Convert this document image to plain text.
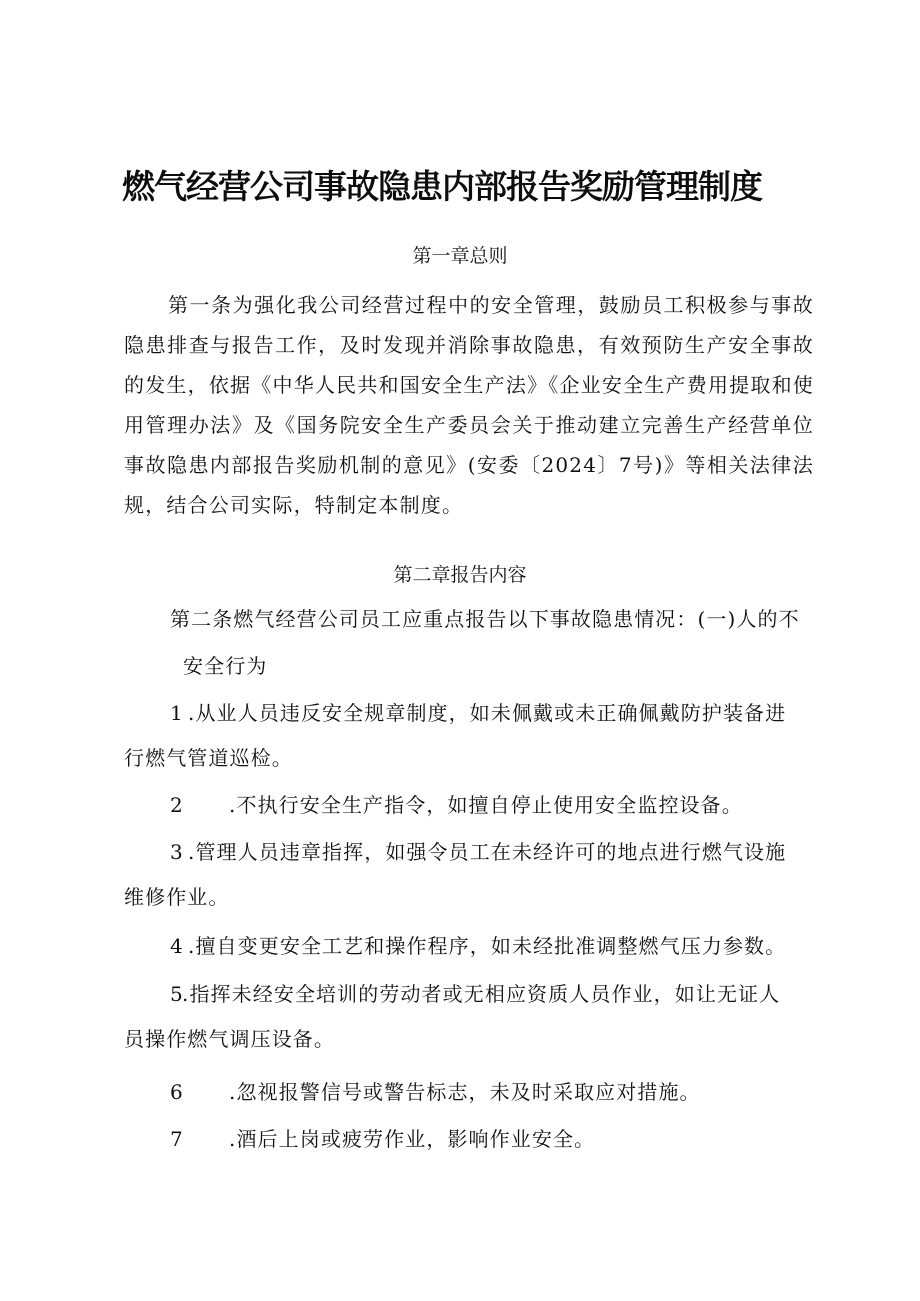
燃气经营公司事故隐患内部报告奖励管理制度
第一章总则

第一条为强化我公司经营过程中的安全管理，鼓励员工积极参与事故隐患排查与报告工作，及时发现并消除事故隐患，有效预防生产安全事故的发生，依据《中华人民共和国安全生产法》《企业安全生产费用提取和使用管理办法》及《国务院安全生产委员会关于推动建立完善生产经营单位事故隐患内部报告奖励机制的意见》(安委〔2024〕7号)》等相关法律法规，结合公司实际，特制定本制度。

第二章报告内容
第二条燃气经营公司员工应重点报告以下事故隐患情况：(一)人的不
安全行为
1 .从业人员违反安全规章制度，如未佩戴或未正确佩戴防护装备进
行燃气管道巡检。
2 .不执行安全生产指令，如擅自停止使用安全监控设备。
3 .管理人员违章指挥，如强令员工在未经许可的地点进行燃气设施
维修作业。
4 .擅自变更安全工艺和操作程序，如未经批准调整燃气压力参数。
5 .指挥未经安全培训的劳动者或无相应资质人员作业，如让无证人
员操作燃气调压设备。
6 .忽视报警信号或警告标志，未及时采取应对措施。
7 .酒后上岗或疲劳作业，影响作业安全。
